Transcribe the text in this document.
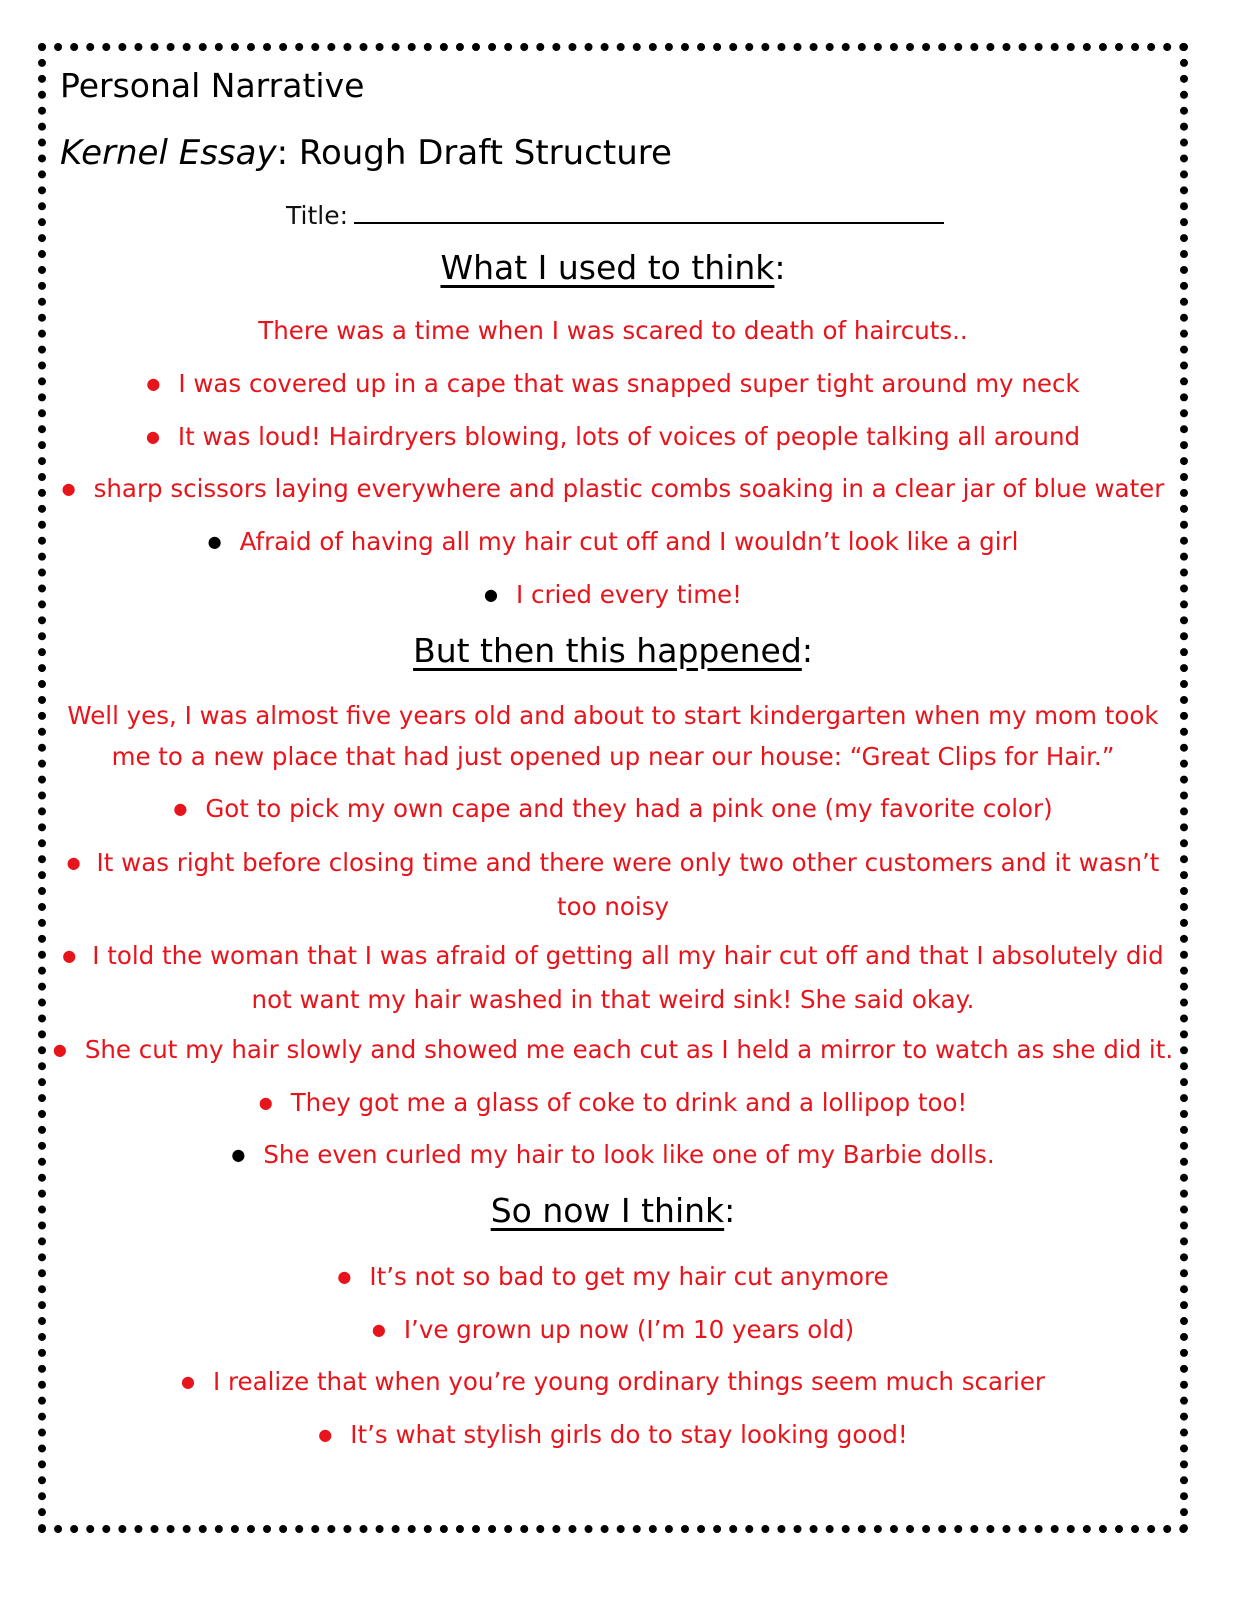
Personal Narrative
Kernel Essay: Rough Draft Structure
Title:
What I used to think:
There was a time when I was scared to death of haircuts..
● I was covered up in a cape that was snapped super tight around my neck
● It was loud! Hairdryers blowing, lots of voices of people talking all around
● sharp scissors laying everywhere and plastic combs soaking in a clear jar of blue water
● Afraid of having all my hair cut off and I wouldn’t look like a girl
● I cried every time!
But then this happened:
Well yes, I was almost five years old and about to start kindergarten when my mom took me to a new place that had just opened up near our house: “Great Clips for Hair.”
● Got to pick my own cape and they had a pink one (my favorite color)
● It was right before closing time and there were only two other customers and it wasn’t too noisy
● I told the woman that I was afraid of getting all my hair cut off and that I absolutely did not want my hair washed in that weird sink! She said okay.
● She cut my hair slowly and showed me each cut as I held a mirror to watch as she did it.
● They got me a glass of coke to drink and a lollipop too!
● She even curled my hair to look like one of my Barbie dolls.
So now I think:
● It’s not so bad to get my hair cut anymore
● I’ve grown up now (I’m 10 years old)
● I realize that when you’re young ordinary things seem much scarier
● It’s what stylish girls do to stay looking good!
